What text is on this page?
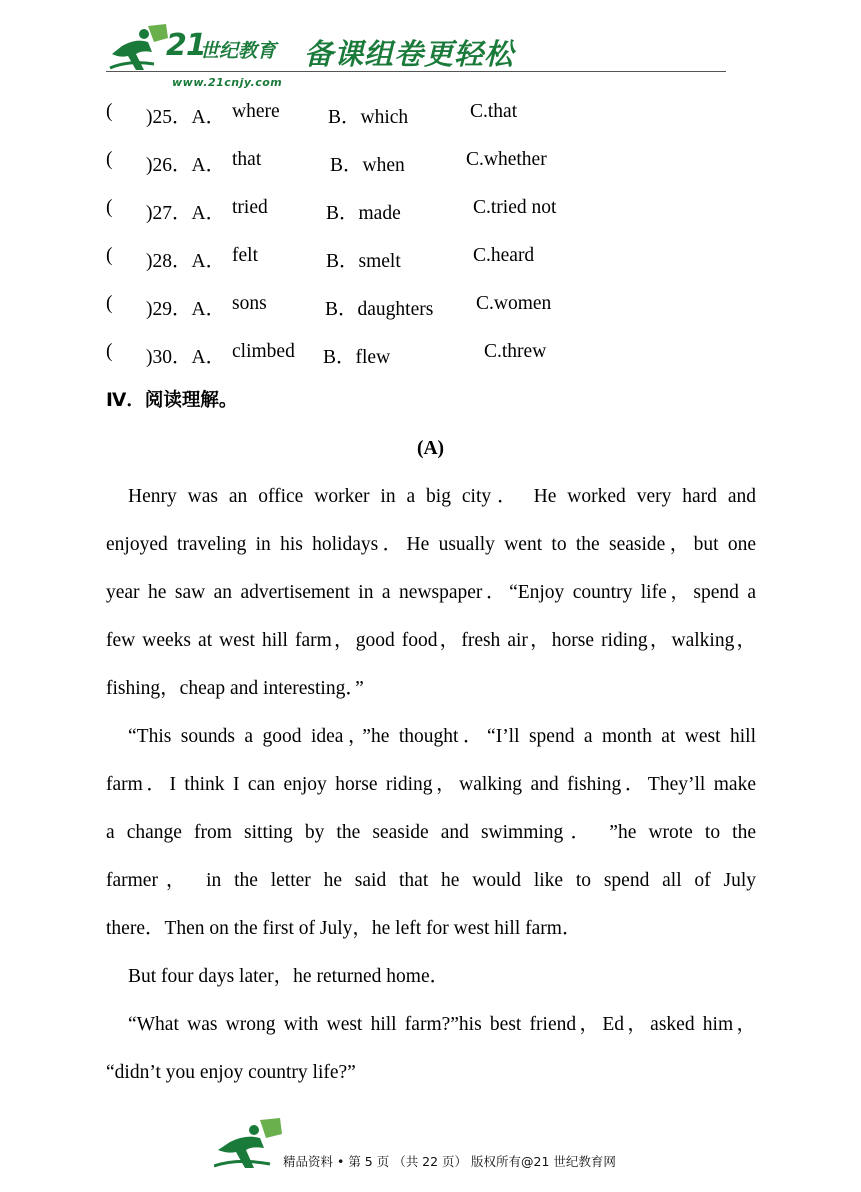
21
世纪教育
www.21cnjy.com
备课组卷更轻松
( )25．A． where B．which	C.that
( )26．A． that	B．when	C.whether
( )27．A． tried	B．made	C.tried not
( )28．A． felt	B．smelt	C.heard
( )29．A． sons	B．daughters C.women
( )30．A． climbed B．flew	C.threw
Ⅳ．阅读理解。
(A)
Henry was an office worker in a big city． He worked very hard and
enjoyed traveling in his holidays．He usually went to the seaside，but one
year he saw an advertisement in a newspaper．“Enjoy country life，spend a
few weeks at west hill farm，good food，fresh air，horse riding，walking，
fishing，cheap and interesting．”
“This sounds a good idea，”he thought．“I’ll spend a month at west hill
farm．I think I can enjoy horse riding，walking and fishing．They’ll make
a change from sitting by the seaside and swimming． ”he wrote to the
farmer， in the letter he said that he would like to spend all of July
there．Then on the first of July，he left for west hill farm．
But four days later，he returned home．
“What was wrong with west hill farm?”his best friend，Ed，asked him，
“didn’t you enjoy country life?”
精品资料 • 第 5 页 （共 22 页） 版权所有@21 世纪教育网
